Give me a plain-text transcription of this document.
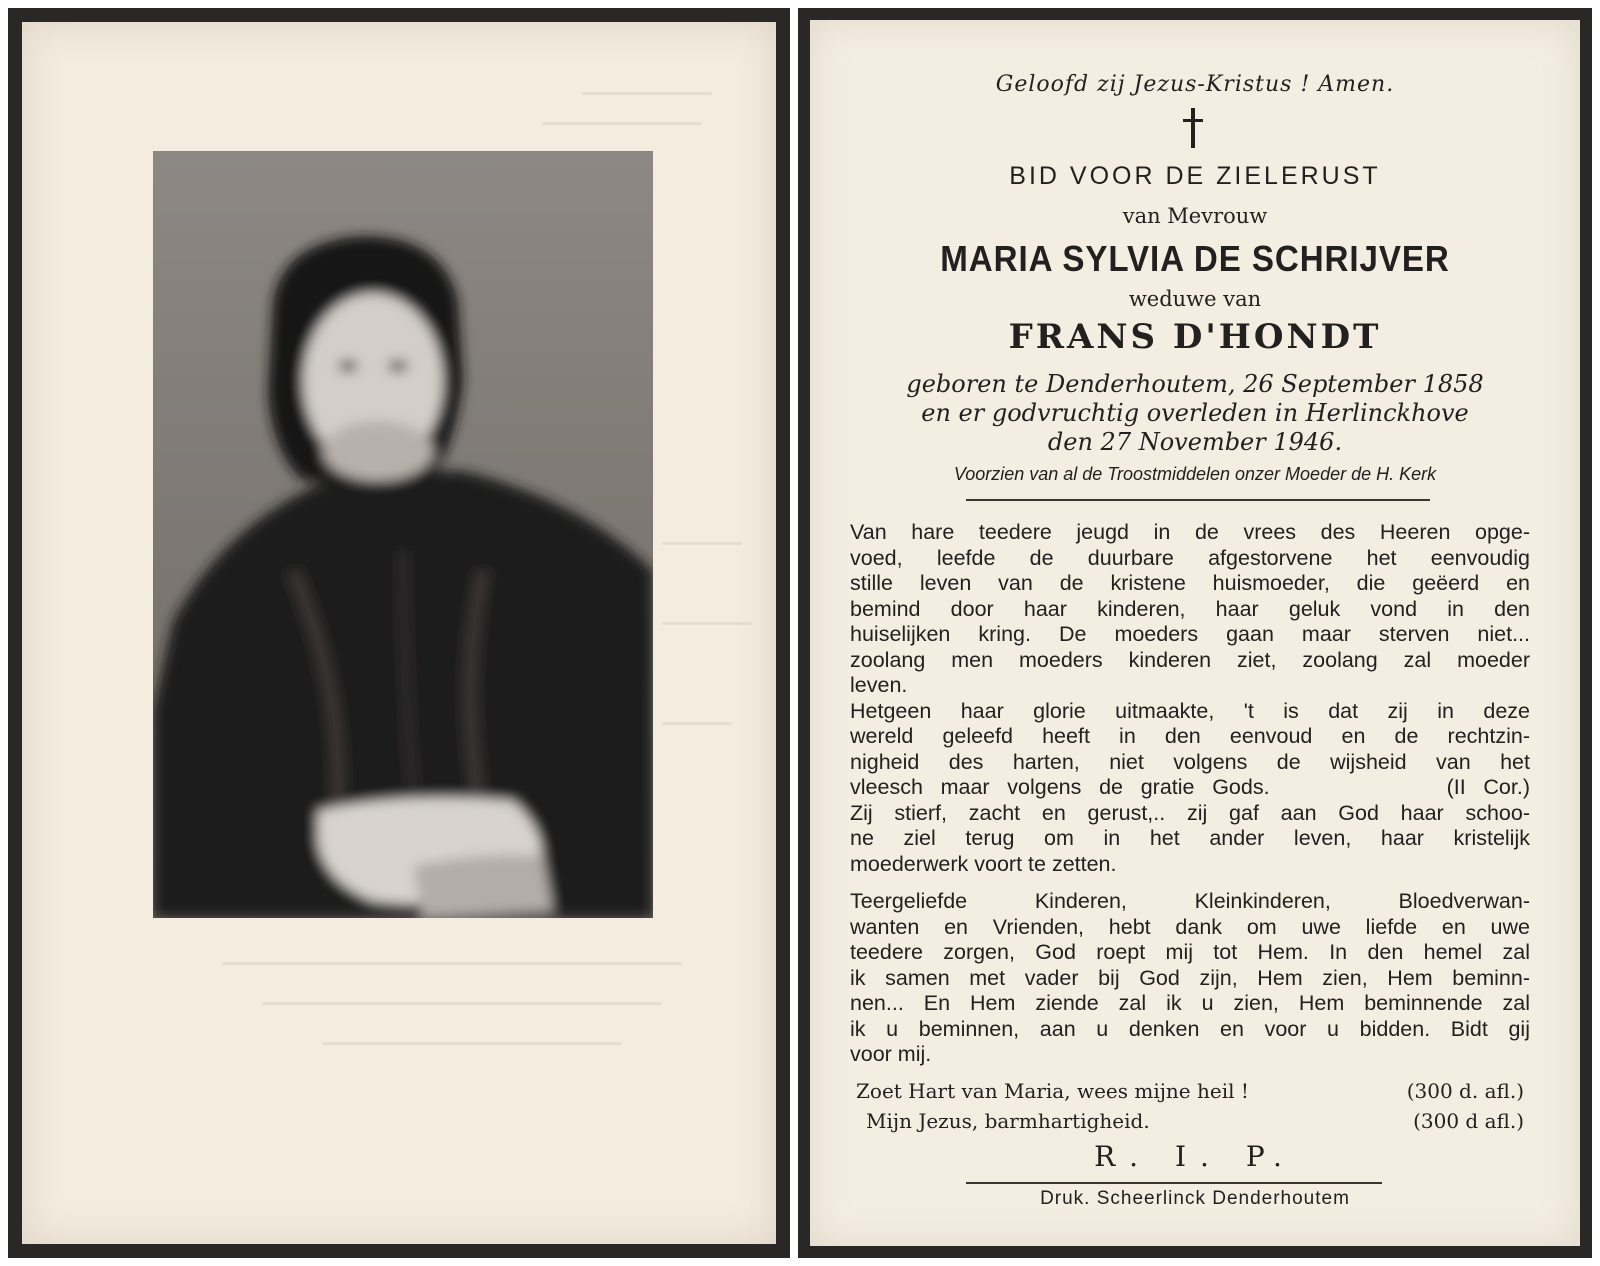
Geloofd zij Jezus-Kristus ! Amen.
BID VOOR DE ZIELERUST
van Mevrouw
MARIA SYLVIA DE SCHRIJVER
weduwe van
FRANS D'HONDT
geboren te Denderhoutem, 26 September 1858
en er godvruchtig overleden in Herlinckhove
den 27 November 1946.
Voorzien van al de Troostmiddelen onzer Moeder de H. Kerk

Van hare teedere jeugd in de vrees des Heeren opge-
voed, leefde de duurbare afgestorvene het eenvoudig
stille leven van de kristene huismoeder, die geëerd en
bemind door haar kinderen, haar geluk vond in den
huiselijken kring. De moeders gaan maar sterven niet...
zoolang men moeders kinderen ziet, zoolang zal moeder
leven.

Hetgeen haar glorie uitmaakte, 't is dat zij in deze
wereld geleefd heeft in den eenvoud en de rechtzin-
nigheid des harten, niet volgens de wijsheid van het
vleesch maar volgens de gratie Gods.          (II Cor.)

Zij stierf, zacht en gerust,.. zij gaf aan God haar schoo-
ne ziel terug om in het ander leven, haar kristelijk
moederwerk voort te zetten.

Teergeliefde Kinderen, Kleinkinderen, Bloedverwan-
wanten en Vrienden, hebt dank om uwe liefde en uwe
teedere zorgen, God roept mij tot Hem. In den hemel zal
ik samen met vader bij God zijn, Hem zien, Hem beminn-
nen... En Hem ziende zal ik u zien, Hem beminnende zal
ik u beminnen, aan u denken en voor u bidden. Bidt gij
voor mij.

Zoet Hart van Maria, wees mijne heil !	(300 d. afl.)
Mijn Jezus, barmhartigheid.	(300 d afl.)
R. I. P.
Druk. Scheerlinck Denderhoutem
